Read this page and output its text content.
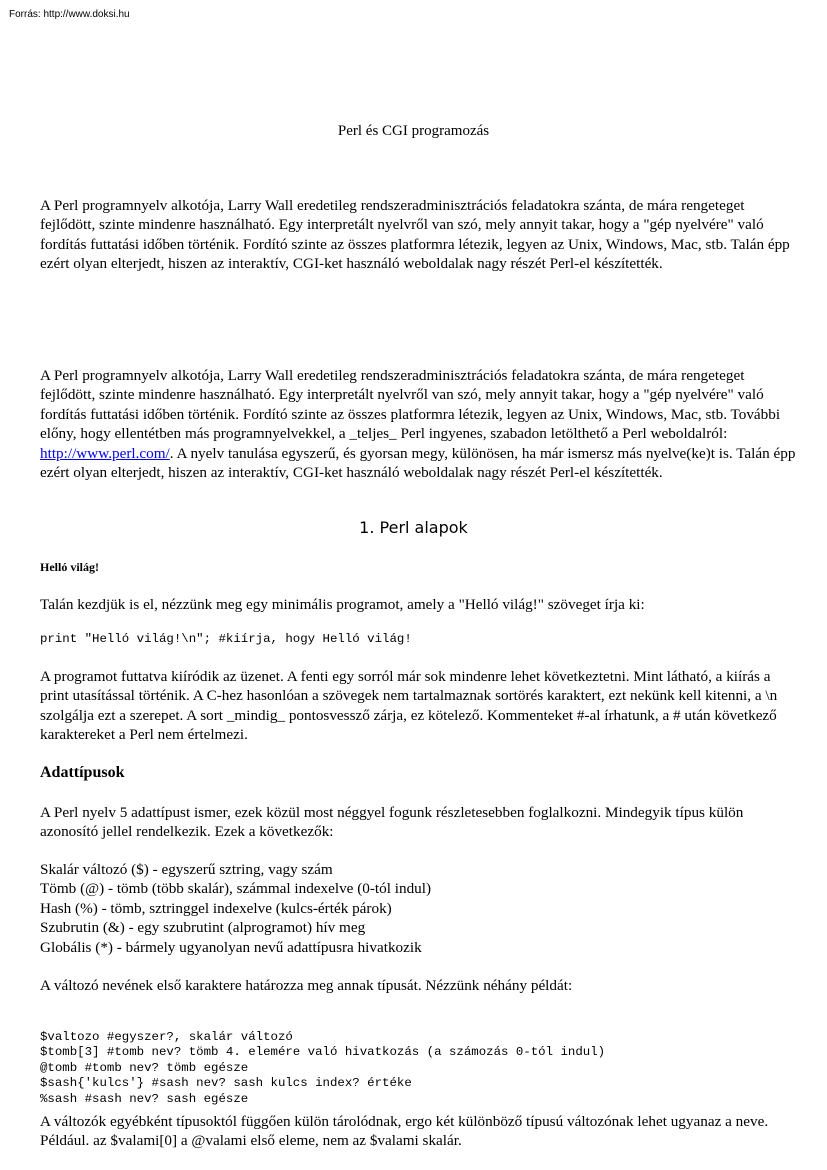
Forrás: http://www.doksi.hu
Perl és CGI programozás
A Perl programnyelv alkotója, Larry Wall eredetileg rendszeradminisztrációs feladatokra szánta, de mára rengeteget fejlődött, szinte mindenre használható. Egy interpretált nyelvről van szó, mely annyit takar, hogy a "gép nyelvére" való fordítás futtatási időben történik. Fordító szinte az összes platformra létezik, legyen az Unix, Windows, Mac, stb. Talán épp ezért olyan elterjedt, hiszen az interaktív, CGI-ket használó weboldalak nagy részét Perl-el készítették.
A Perl programnyelv alkotója, Larry Wall eredetileg rendszeradminisztrációs feladatokra szánta, de mára rengeteget fejlődött, szinte mindenre használható. Egy interpretált nyelvről van szó, mely annyit takar, hogy a "gép nyelvére" való fordítás futtatási időben történik. Fordító szinte az összes platformra létezik, legyen az Unix, Windows, Mac, stb. További előny, hogy ellentétben más programnyelvekkel, a _teljes_ Perl ingyenes, szabadon letölthető a Perl weboldalról: http://www.perl.com/. A nyelv tanulása egyszerű, és gyorsan megy, különösen, ha már ismersz más nyelve(ke)t is. Talán épp ezért olyan elterjedt, hiszen az interaktív, CGI-ket használó weboldalak nagy részét Perl-el készítették.
1. Perl alapok
Helló világ!
Talán kezdjük is el, nézzünk meg egy minimális programot, amely a "Helló világ!" szöveget írja ki:
print "Helló világ!\n"; #kiírja, hogy Helló világ!
A programot futtatva kiíródik az üzenet. A fenti egy sorról már sok mindenre lehet következtetni. Mint látható, a kiírás a print utasítással történik. A C-hez hasonlóan a szövegek nem tartalmaznak sortörés karaktert, ezt nekünk kell kitenni, a \n szolgálja ezt a szerepet. A sort _mindig_ pontosvessző zárja, ez kötelező. Kommenteket #-al írhatunk, a # után következő karaktereket a Perl nem értelmezi.
Adattípusok
A Perl nyelv 5 adattípust ismer, ezek közül most néggyel fogunk részletesebben foglalkozni. Mindegyik típus külön azonosító jellel rendelkezik. Ezek a következők:
Skalár változó ($) - egyszerű sztring, vagy szám
Tömb (@) - tömb (több skalár), számmal indexelve (0-tól indul)
Hash (%) - tömb, sztringgel indexelve (kulcs-érték párok)
Szubrutin (&) - egy szubrutint (alprogramot) hív meg
Globális (*) - bármely ugyanolyan nevű adattípusra hivatkozik
A változó nevének első karaktere határozza meg annak típusát. Nézzünk néhány példát:

$valtozo #egyszer?, skalár változó
$tomb[3] #tomb nev? tömb 4. elemére való hivatkozás (a számozás 0-tól indul)
@tomb #tomb nev? tömb egésze
$sash{'kulcs'} #sash nev? sash kulcs index? értéke
%sash #sash nev? sash egésze

A változók egyébként típusoktól függően külön tárolódnak, ergo két különböző típusú változónak lehet ugyanaz a neve. Például. az $valami[0] a @valami első eleme, nem az $valami skalár.
